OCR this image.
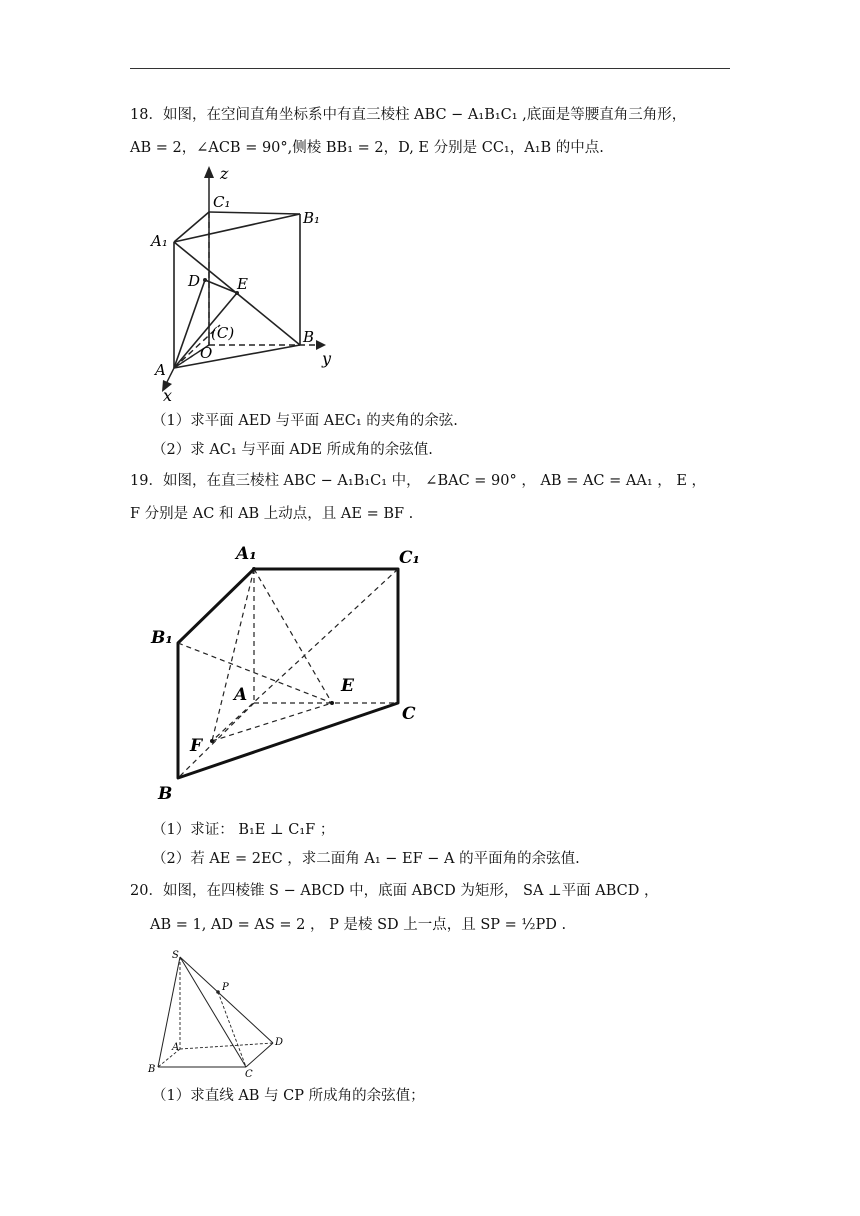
18．如图，在空间直角坐标系中有直三棱柱 ABC − A₁B₁C₁ ,底面是等腰直角三角形，
AB = 2，∠ACB = 90°,侧棱 BB₁ = 2，D, E 分别是 CC₁，A₁B 的中点.
z
C₁
B₁
A₁
D E
(C)
O
B
A
y
x
（1）求平面 AED 与平面 AEC₁ 的夹角的余弦.
（2）求 AC₁ 与平面 ADE 所成角的余弦值.
19．如图，在直三棱柱 ABC − A₁B₁C₁ 中， ∠BAC = 90° ， AB = AC = AA₁ ， E ，
F 分别是 AC 和 AB 上动点，且 AE = BF .
A₁	C₁
B₁
A	E
C
F
B
（1）求证： B₁E ⊥ C₁F ；
（2）若 AE = 2EC ，求二面角 A₁ − EF − A 的平面角的余弦值.
20．如图，在四棱锥 S − ABCD 中，底面 ABCD 为矩形， SA ⊥平面 ABCD ，
AB = 1, AD = AS = 2 ， P 是棱 SD 上一点，且 SP = ½PD .
S
P
A	D
B	C
（1）求直线 AB 与 CP 所成角的余弦值；
